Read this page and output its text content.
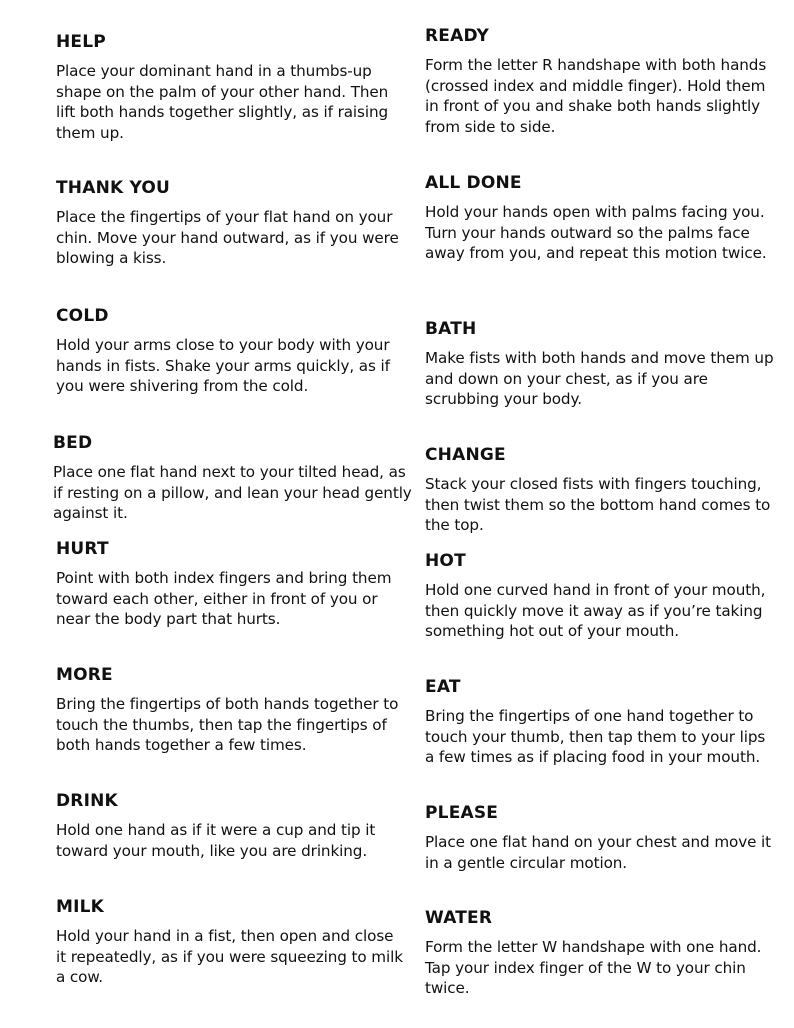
HELP

Place your dominant hand in a thumbs-up shape on the palm of your other hand. Then lift both hands together slightly, as if raising them up.

THANK YOU

Place the fingertips of your flat hand on your chin. Move your hand outward, as if you were blowing a kiss.

COLD

Hold your arms close to your body with your hands in fists. Shake your arms quickly, as if you were shivering from the cold.

BED

Place one flat hand next to your tilted head, as if resting on a pillow, and lean your head gently against it.

HURT

Point with both index fingers and bring them toward each other, either in front of you or near the body part that hurts.

MORE

Bring the fingertips of both hands together to touch the thumbs, then tap the fingertips of both hands together a few times.

DRINK

Hold one hand as if it were a cup and tip it toward your mouth, like you are drinking.

MILK

Hold your hand in a fist, then open and close it repeatedly, as if you were squeezing to milk a cow.

READY

Form the letter R handshape with both hands (crossed index and middle finger). Hold them in front of you and shake both hands slightly from side to side.

ALL DONE

Hold your hands open with palms facing you. Turn your hands outward so the palms face away from you, and repeat this motion twice.

BATH

Make fists with both hands and move them up and down on your chest, as if you are scrubbing your body.

CHANGE

Stack your closed fists with fingers touching, then twist them so the bottom hand comes to the top.

HOT

Hold one curved hand in front of your mouth, then quickly move it away as if you’re taking something hot out of your mouth.

EAT

Bring the fingertips of one hand together to touch your thumb, then tap them to your lips a few times as if placing food in your mouth.

PLEASE

Place one flat hand on your chest and move it in a gentle circular motion.

WATER

Form the letter W handshape with one hand. Tap your index finger of the W to your chin twice.
